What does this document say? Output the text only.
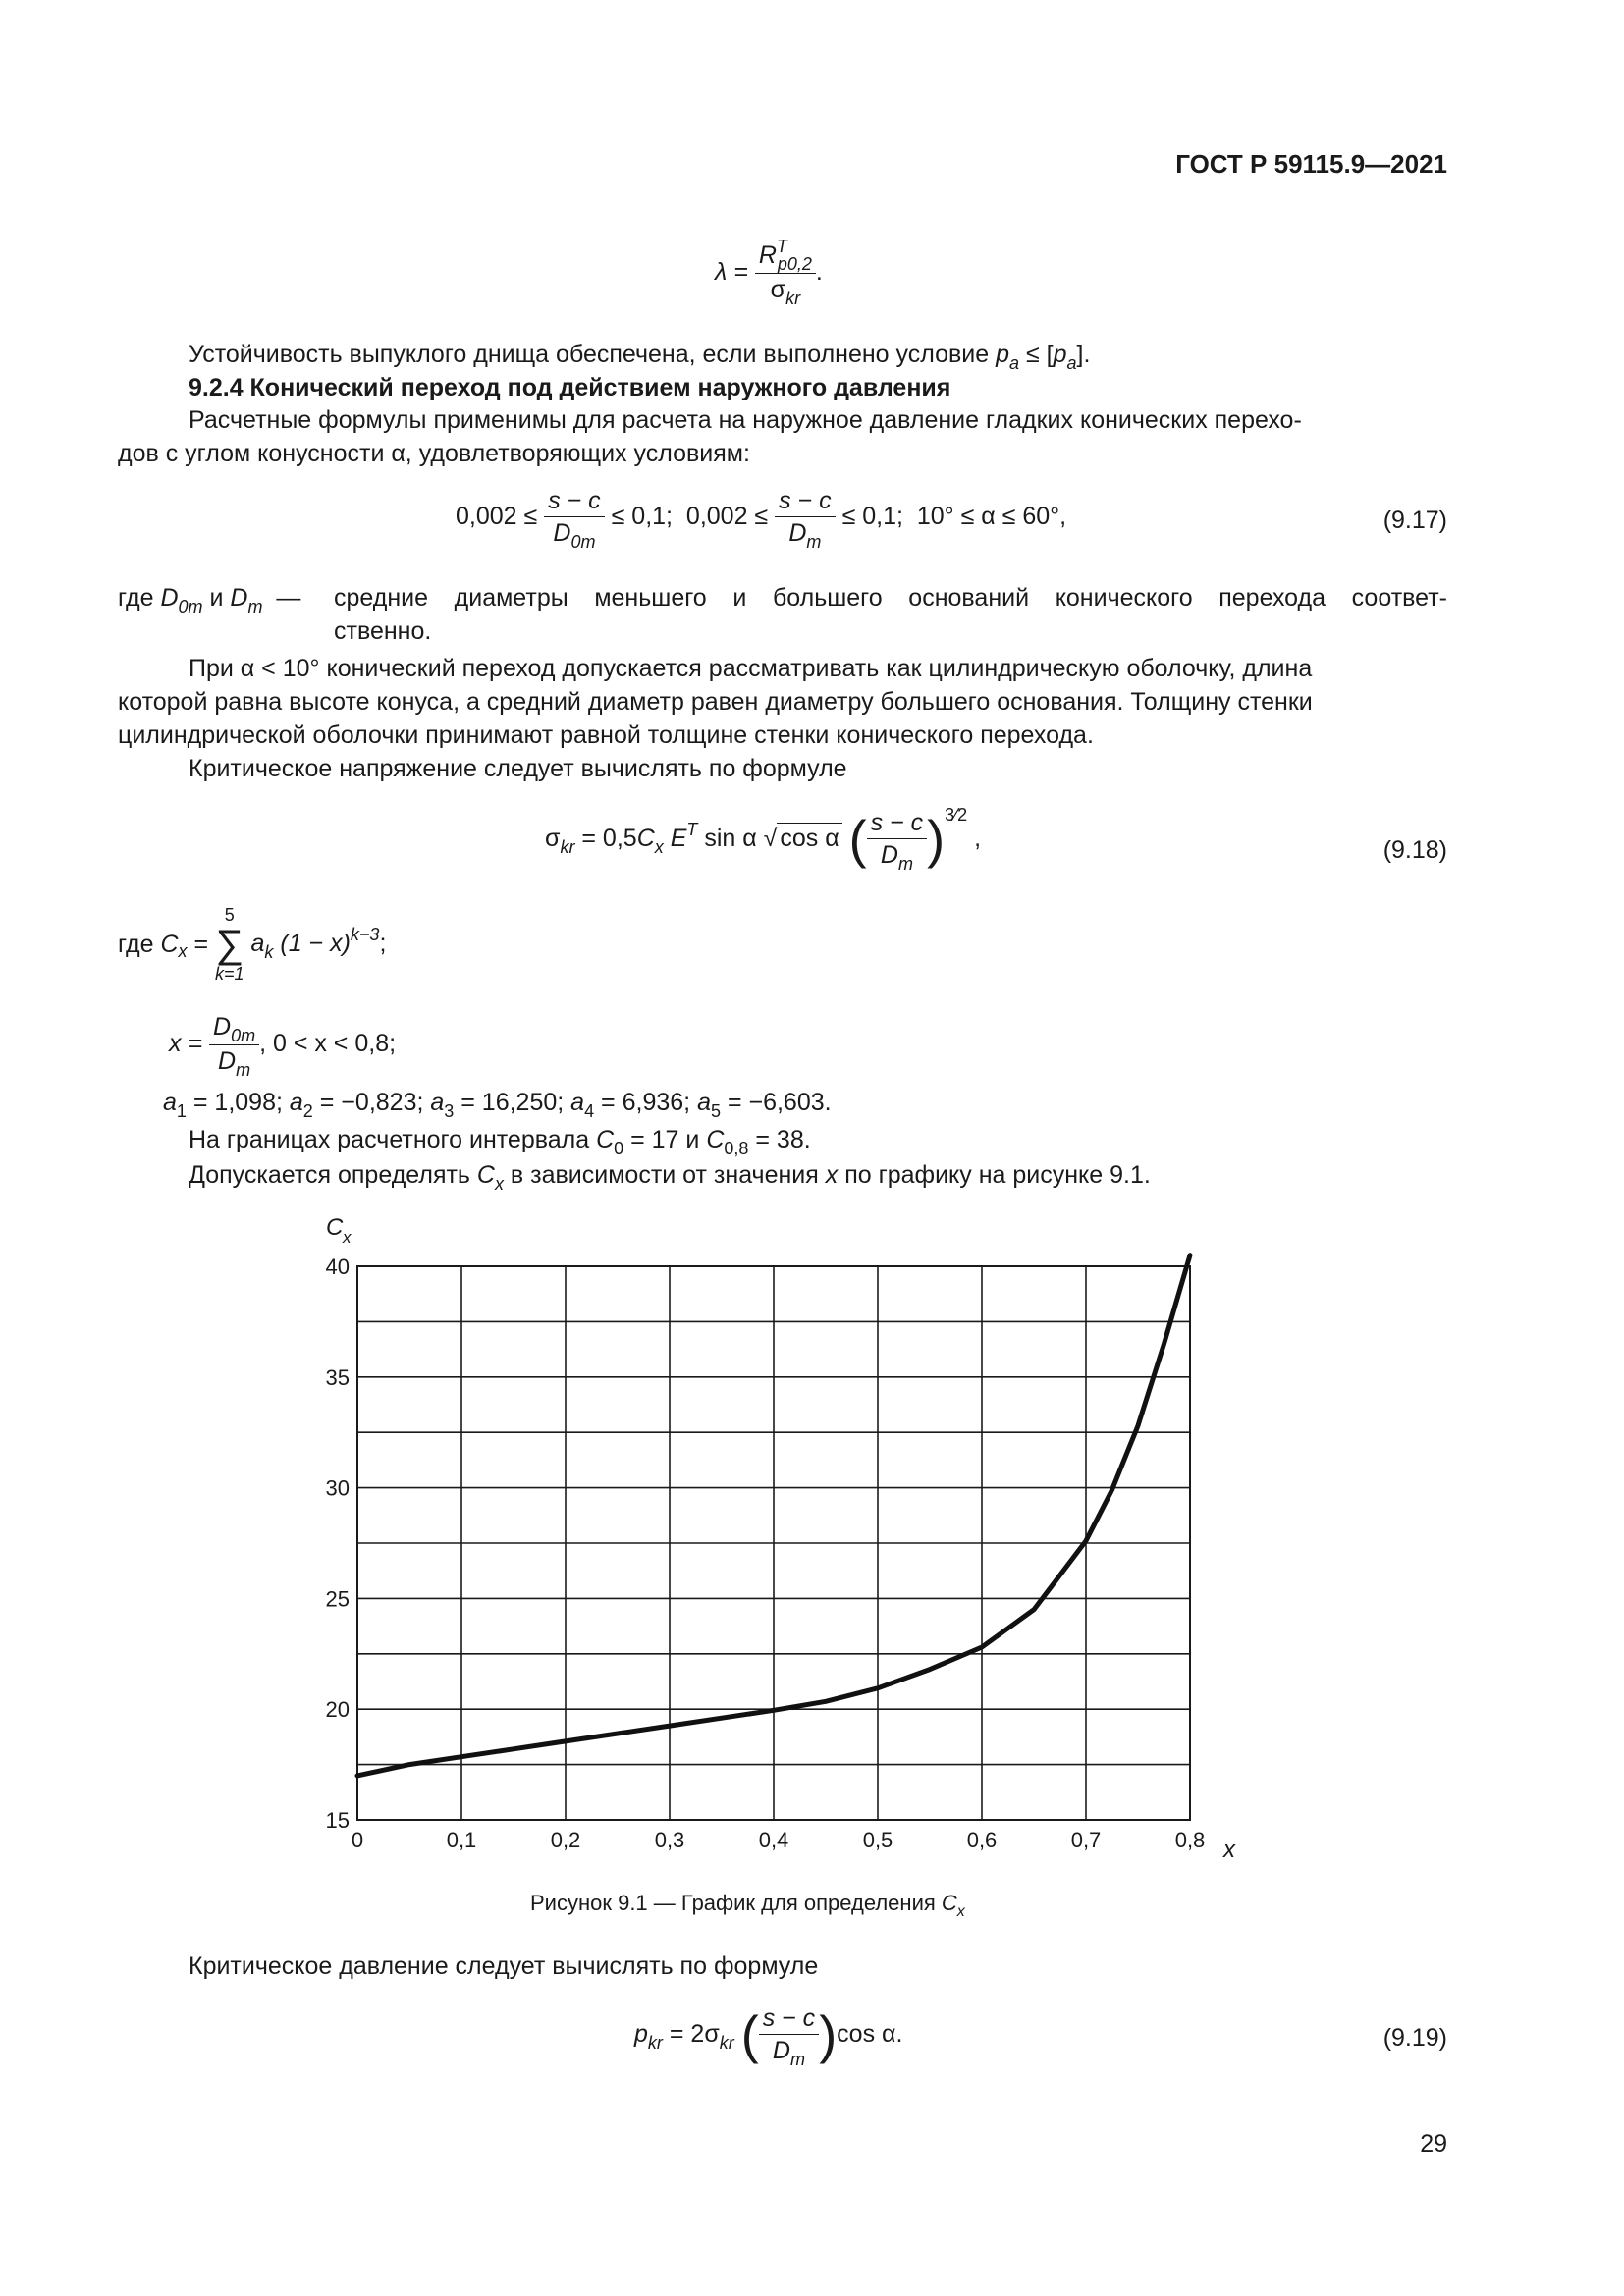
ГОСТ Р 59115.9—2021
$\lambda = \frac{R^T_{p0,2}}{\sigma_{kr}}$ .
Устойчивость выпуклого днища обеспечена, если выполнено условие $p_a \le [p_a]$.
9.2.4 Конический переход под действием наружного давления
Расчетные формулы применимы для расчета на наружное давление гладких конических перехо-
дов с углом конусности α, удовлетворяющих условиям:
$0,002 \le \frac{s - c}{D_{0m}} \le 0,1$; $0,002 \le \frac{s - c}{D_m} \le 0,1$; 10° ≤ α ≤ 60°,	(9.17)
где $D_{0m}$ и $D_m$ — средние диаметры меньшего и большего оснований конического перехода соответ-
ственно.
При α < 10° конический переход допускается рассматривать как цилиндрическую оболочку, длина
которой равна высоте конуса, а средний диаметр равен диаметру большего основания. Толщину стенки
цилиндрической оболочки принимают равной толщине стенки конического перехода.
Критическое напряжение следует вычислять по формуле
$\sigma_{kr} = 0,5C_x$ $E^T$ sin α √ cos α ( $\frac{s - c}{D_m} )^{3⁄2}$ ,	(9.18)
где $C_x$ =
5
∑
k=1
$a_k$ $(1 - x)^{k-3}$;
$x = \frac{D_{0m}}{D_m}$ , 0 < x < 0,8;
$a_1 = 1,098$; $a_2 = -0,823$; $a_3 = 16,250$; $a_4 = 6,936$; $a_5 = -6,603$.
На границах расчетного интервала $C_0 = 17$ и $C_{0,8} = 38$.
Допускается определять $C_x$ в зависимости от значения x по графику на рисунке 9.1.
0	0,1	0,2	0,3	0,4	0,5	0,6	0,7	0,8
15
20
25
30
35
40
C x
x
Рисунок 9.1 — График для определения $C_x$
Критическое давление следует вычислять по формуле
$p_{kr} = 2\sigma_{kr}$ ( $\frac{s - c}{D_m} )\cos$ α.	(9.19)
29
